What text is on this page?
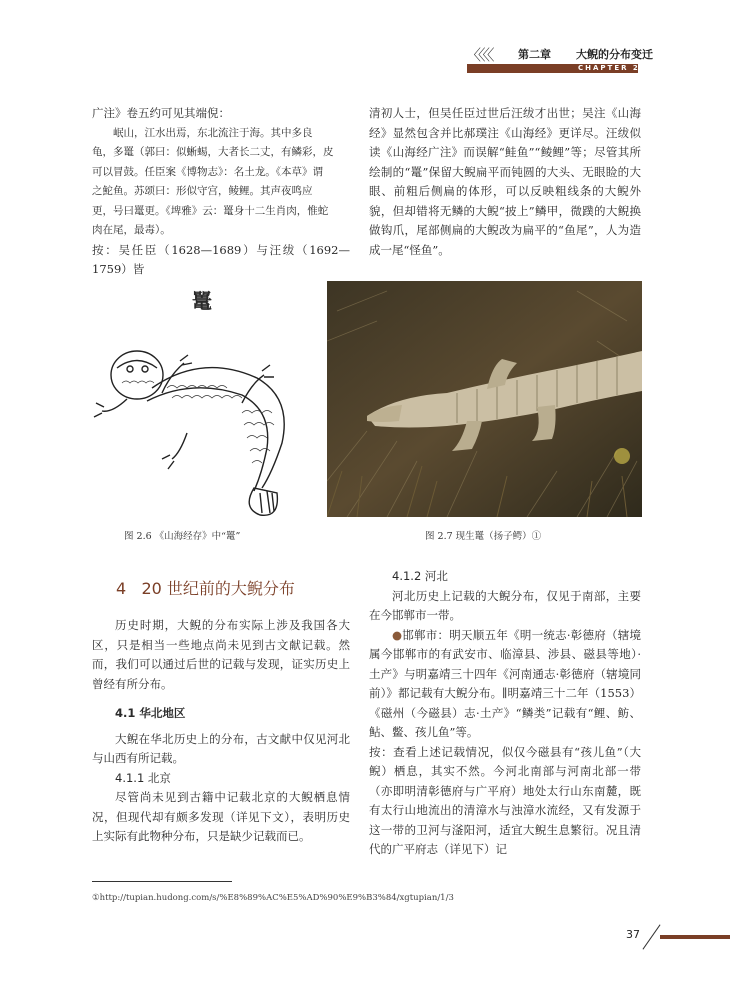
〈〈〈〈 第二章 大鲵的分布变迁
CHAPTER 2

广注》卷五约可见其端倪：

岷山，江水出焉，东北流注于海。其中多良

龟，多鼍（郭曰：似蜥蜴，大者长二丈，有鳞彩，皮

可以冒鼓。任臣案《博物志》：名土龙。《本草》谓

之鮀鱼。苏颂曰：形似守宫，鲮鲤。其声夜鸣应

更，号曰鼍更。《埤雅》云：鼍身十二生肖肉，惟蛇

肉在尾，最毒）。

按：吴任臣（1628—1689）与汪绂（1692—1759）皆

清初人士，但吴任臣过世后汪绂才出世；吴注《山海经》显然包含并比郝璞注《山海经》更详尽。汪绂似读《山海经广注》而误解“鲑鱼”“鲮鲤”等；尽管其所绘制的“鼍”保留大鲵扁平而钝圆的大头、无眼睑的大眼、前粗后侧扁的体形，可以反映粗线条的大鲵外貌，但却错将无鳞的大鲵“披上”鳞甲，微蹼的大鲵换做钩爪，尾部侧扁的大鲵改为扁平的“鱼尾”，人为造成一尾“怪鱼”。

鼍
图 2.6 《山海经存》中“鼍”	图 2.7 现生鼍（扬子鳄）①
4 20 世纪前的大鲵分布

历史时期，大鲵的分布实际上涉及我国各大区，只是相当一些地点尚未见到古文献记载。然而，我们可以通过后世的记载与发现，证实历史上曾经有所分布。

4.1 华北地区

大鲵在华北历史上的分布，古文献中仅见河北与山西有所记载。

4.1.1 北京

尽管尚未见到古籍中记载北京的大鲵栖息情况，但现代却有颇多发现（详见下文），表明历史上实际有此物种分布，只是缺少记载而已。

4.1.2 河北

河北历史上记载的大鲵分布，仅见于南部，主要在今邯郸市一带。

●邯郸市：明天顺五年《明一统志·彰德府（辖境属今邯郸市的有武安市、临漳县、涉县、磁县等地）·土产》与明嘉靖三十四年《河南通志·彰德府（辖境同前）》都记载有大鲵分布。∥明嘉靖三十二年（1553）《磁州（今磁县）志·土产》“鳞类”记载有“鲤、鲂、鲇、鳖、孩儿鱼”等。

按：查看上述记载情况，似仅今磁县有“孩儿鱼”（大鲵）栖息，其实不然。今河北南部与河南北部一带（亦即明清彰德府与广平府）地处太行山东南麓，既有太行山地流出的清漳水与浊漳水流经，又有发源于这一带的卫河与滏阳河，适宜大鲵生息繁衍。况且清代的广平府志（详见下）记

①http://tupian.hudong.com/s/%E8%89%AC%E5%AD%90%E9%B3%84/xgtupian/1/3
37
